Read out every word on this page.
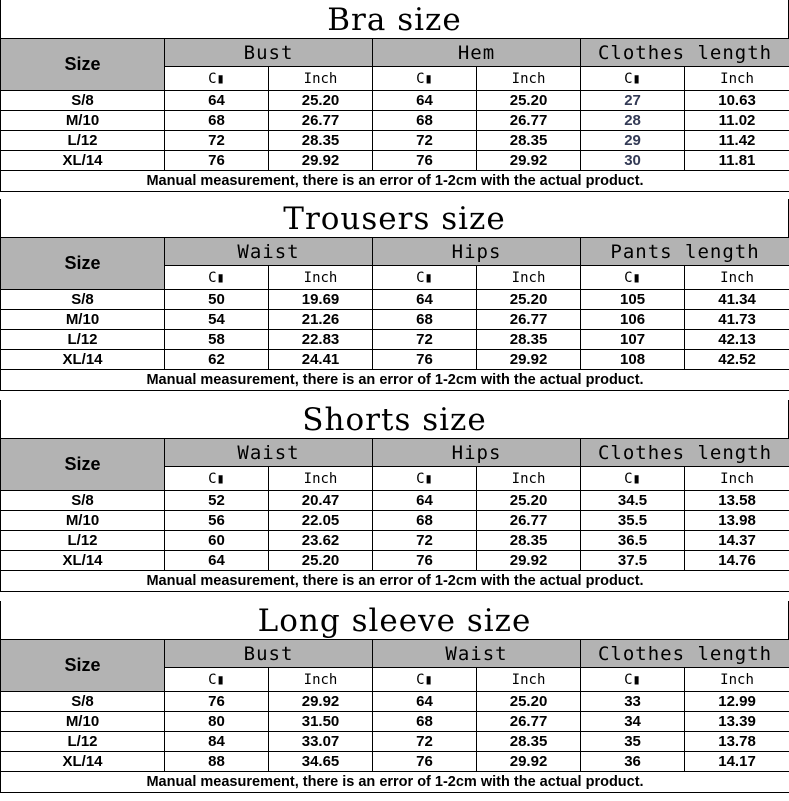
Bra size
Size	Bust		Hem		Clothes length	
	C▮	Inch	C▮	Inch	C▮	Inch
S/8	64	25.20	64	25.20	27	10.63
M/10	68	26.77	68	26.77	28	11.02
L/12	72	28.35	72	28.35	29	11.42
XL/14	76	29.92	76	29.92	30	11.81
Manual measurement, there is an error of 1-2cm with the actual product.						
Trousers size
Size	Waist		Hips		Pants length	
	C▮	Inch	C▮	Inch	C▮	Inch
S/8	50	19.69	64	25.20	105	41.34
M/10	54	21.26	68	26.77	106	41.73
L/12	58	22.83	72	28.35	107	42.13
XL/14	62	24.41	76	29.92	108	42.52
Manual measurement, there is an error of 1-2cm with the actual product.						
Shorts size
Size	Waist		Hips		Clothes length	
	C▮	Inch	C▮	Inch	C▮	Inch
S/8	52	20.47	64	25.20	34.5	13.58
M/10	56	22.05	68	26.77	35.5	13.98
L/12	60	23.62	72	28.35	36.5	14.37
XL/14	64	25.20	76	29.92	37.5	14.76
Manual measurement, there is an error of 1-2cm with the actual product.						
Long sleeve size
Size	Bust		Waist		Clothes length	
	C▮	Inch	C▮	Inch	C▮	Inch
S/8	76	29.92	64	25.20	33	12.99
M/10	80	31.50	68	26.77	34	13.39
L/12	84	33.07	72	28.35	35	13.78
XL/14	88	34.65	76	29.92	36	14.17
Manual measurement, there is an error of 1-2cm with the actual product.						
